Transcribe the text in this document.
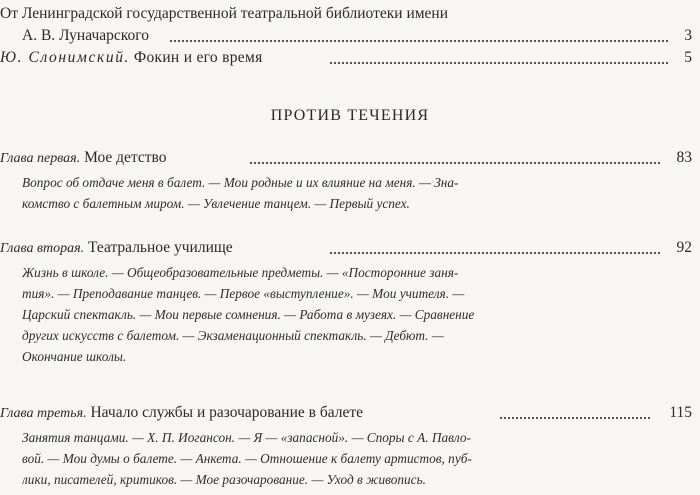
От Ленинградской государственной театральной библиотеки имени
А. В. Луначарского	3
Ю. Слонимский. Фокин и его время	5
ПРОТИВ ТЕЧЕНИЯ
Глава первая. Мое детство	83
Вопрос об отдаче меня в балет. — Мои родные и их влияние на меня. — Зна-
комство с балетным миром. — Увлечение танцем. — Первый успех.
Глава вторая. Театральное училище	92
Жизнь в школе. — Общеобразовательные предметы. — «Посторонние заня-
тия». — Преподавание танцев. — Первое «выступление». — Мои учителя. —
Царский спектакль. — Мои первые сомнения. — Работа в музеях. — Сравнение
других искусств с балетом. — Экзаменационный спектакль. — Дебют. —
Окончание школы.
Глава третья. Начало службы и разочарование в балете	115
Занятия танцами. — Х. П. Иогансон. — Я — «запасной». — Споры с А. Павло-
вой. — Мои думы о балете. — Анкета. — Отношение к балету артистов, пуб-
лики, писателей, критиков. — Мое разочарование. — Уход в живопись.
